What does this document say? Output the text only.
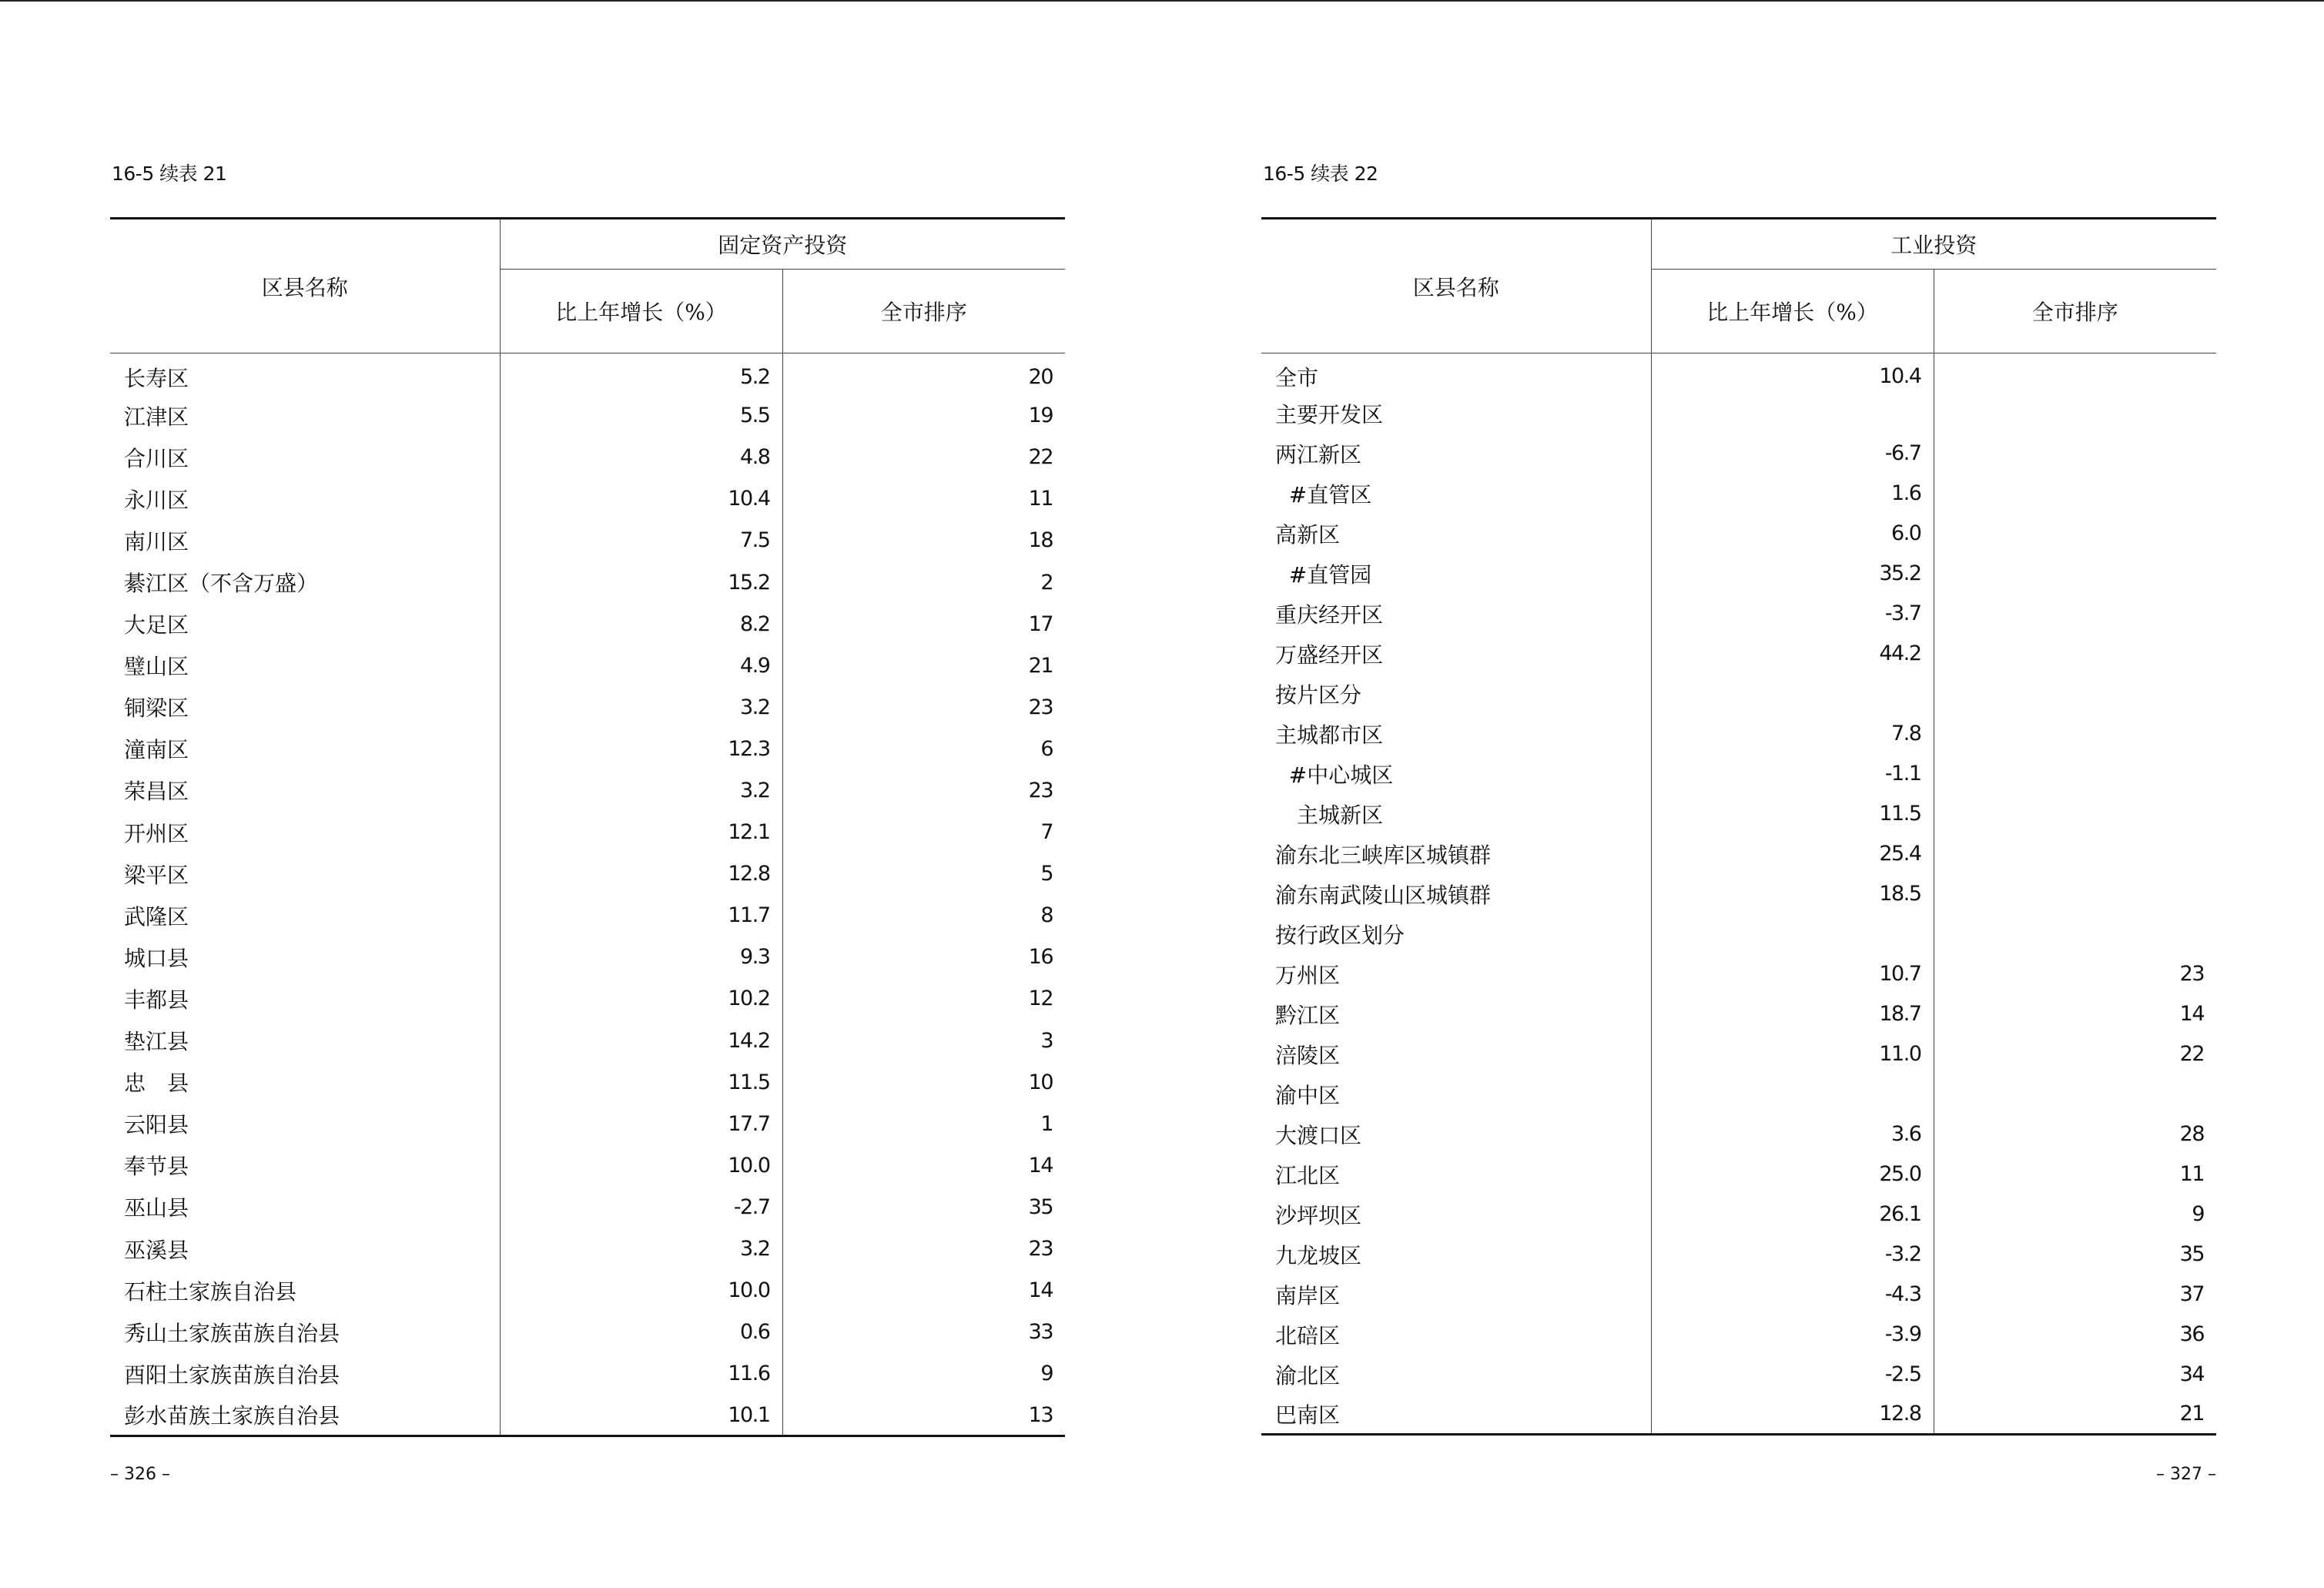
16-5 续表 21
区县名称	固定资产投资	
	比上年增长（%）	全市排序
长寿区	5.2	20
江津区	5.5	19
合川区	4.8	22
永川区	10.4	11
南川区	7.5	18
綦江区（不含万盛）	15.2	2
大足区	8.2	17
璧山区	4.9	21
铜梁区	3.2	23
潼南区	12.3	6
荣昌区	3.2	23
开州区	12.1	7
梁平区	12.8	5
武隆区	11.7	8
城口县	9.3	16
丰都县	10.2	12
垫江县	14.2	3
忠　县	11.5	10
云阳县	17.7	1
奉节县	10.0	14
巫山县	-2.7	35
巫溪县	3.2	23
石柱土家族自治县	10.0	14
秀山土家族苗族自治县	0.6	33
酉阳土家族苗族自治县	11.6	9
彭水苗族土家族自治县	10.1	13
– 326 –
16-5 续表 22
区县名称	工业投资	
	比上年增长（%）	全市排序
全市	10.4	
主要开发区		
两江新区	-6.7	
#直管区	1.6	
高新区	6.0	
#直管园	35.2	
重庆经开区	-3.7	
万盛经开区	44.2	
按片区分		
主城都市区	7.8	
#中心城区	-1.1	
　主城新区	11.5	
渝东北三峡库区城镇群	25.4	
渝东南武陵山区城镇群	18.5	
按行政区划分		
万州区	10.7	23
黔江区	18.7	14
涪陵区	11.0	22
渝中区		
大渡口区	3.6	28
江北区	25.0	11
沙坪坝区	26.1	9
九龙坡区	-3.2	35
南岸区	-4.3	37
北碚区	-3.9	36
渝北区	-2.5	34
巴南区	12.8	21
– 327 –
